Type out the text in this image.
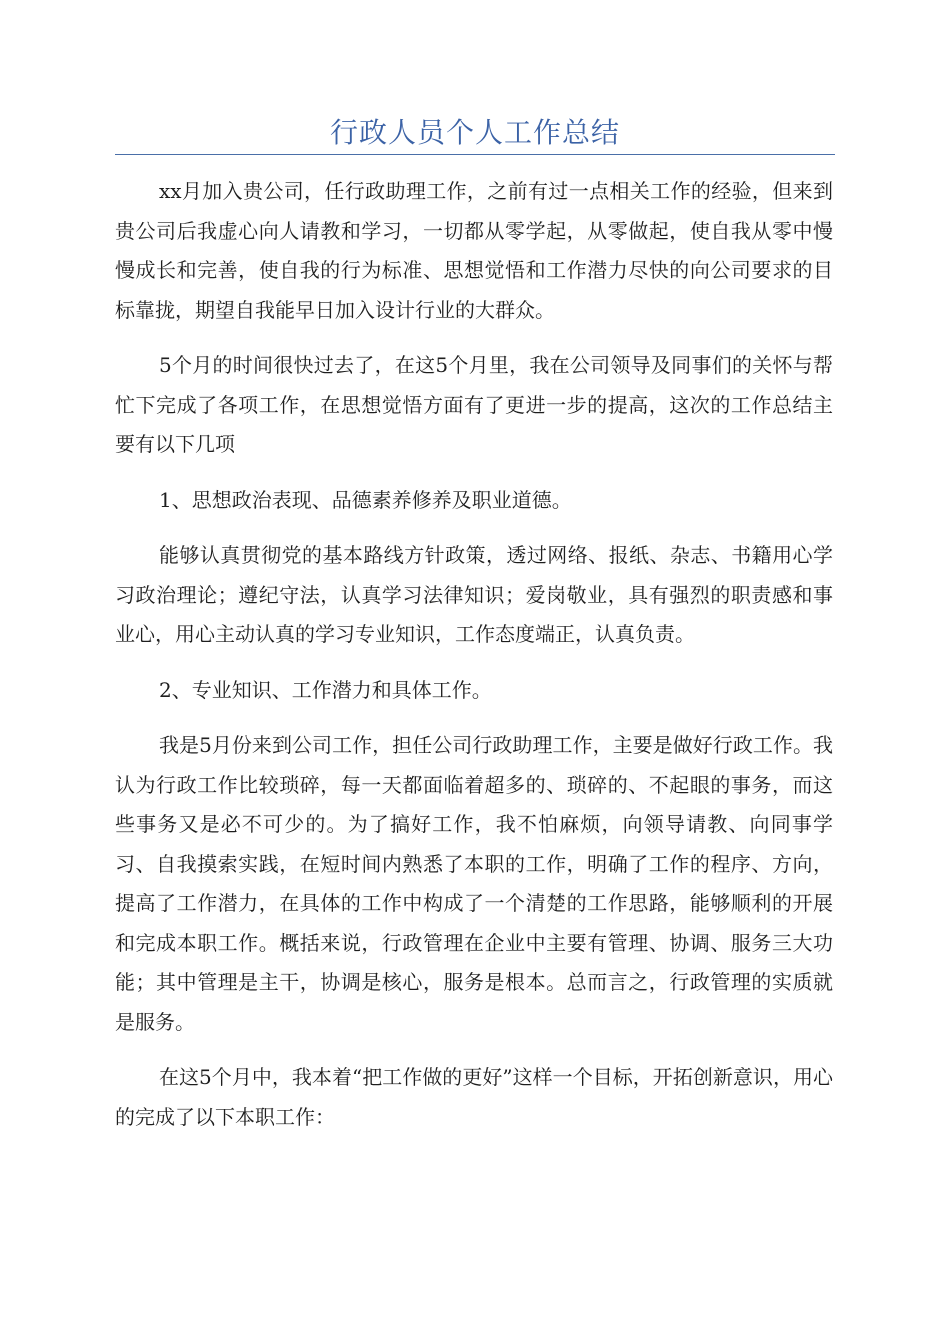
行政人员个人工作总结

xx月加入贵公司，任行政助理工作，之前有过一点相关工作的经验，但来到贵公司后我虚心向人请教和学习，一切都从零学起，从零做起，使自我从零中慢慢成长和完善，使自我的行为标准、思想觉悟和工作潜力尽快的向公司要求的目标靠拢，期望自我能早日加入设计行业的大群众。

5个月的时间很快过去了，在这5个月里，我在公司领导及同事们的关怀与帮忙下完成了各项工作，在思想觉悟方面有了更进一步的提高，这次的工作总结主要有以下几项

1、思想政治表现、品德素养修养及职业道德。

能够认真贯彻党的基本路线方针政策，透过网络、报纸、杂志、书籍用心学习政治理论；遵纪守法，认真学习法律知识；爱岗敬业，具有强烈的职责感和事业心，用心主动认真的学习专业知识，工作态度端正，认真负责。

2、专业知识、工作潜力和具体工作。

我是5月份来到公司工作，担任公司行政助理工作，主要是做好行政工作。我认为行政工作比较琐碎，每一天都面临着超多的、琐碎的、不起眼的事务，而这些事务又是必不可少的。为了搞好工作，我不怕麻烦，向领导请教、向同事学习、自我摸索实践，在短时间内熟悉了本职的工作，明确了工作的程序、方向，提高了工作潜力，在具体的工作中构成了一个清楚的工作思路，能够顺利的开展和完成本职工作。概括来说，行政管理在企业中主要有管理、协调、服务三大功能；其中管理是主干，协调是核心，服务是根本。总而言之，行政管理的实质就是服务。

在这5个月中，我本着“把工作做的更好”这样一个目标，开拓创新意识，用心的完成了以下本职工作：
